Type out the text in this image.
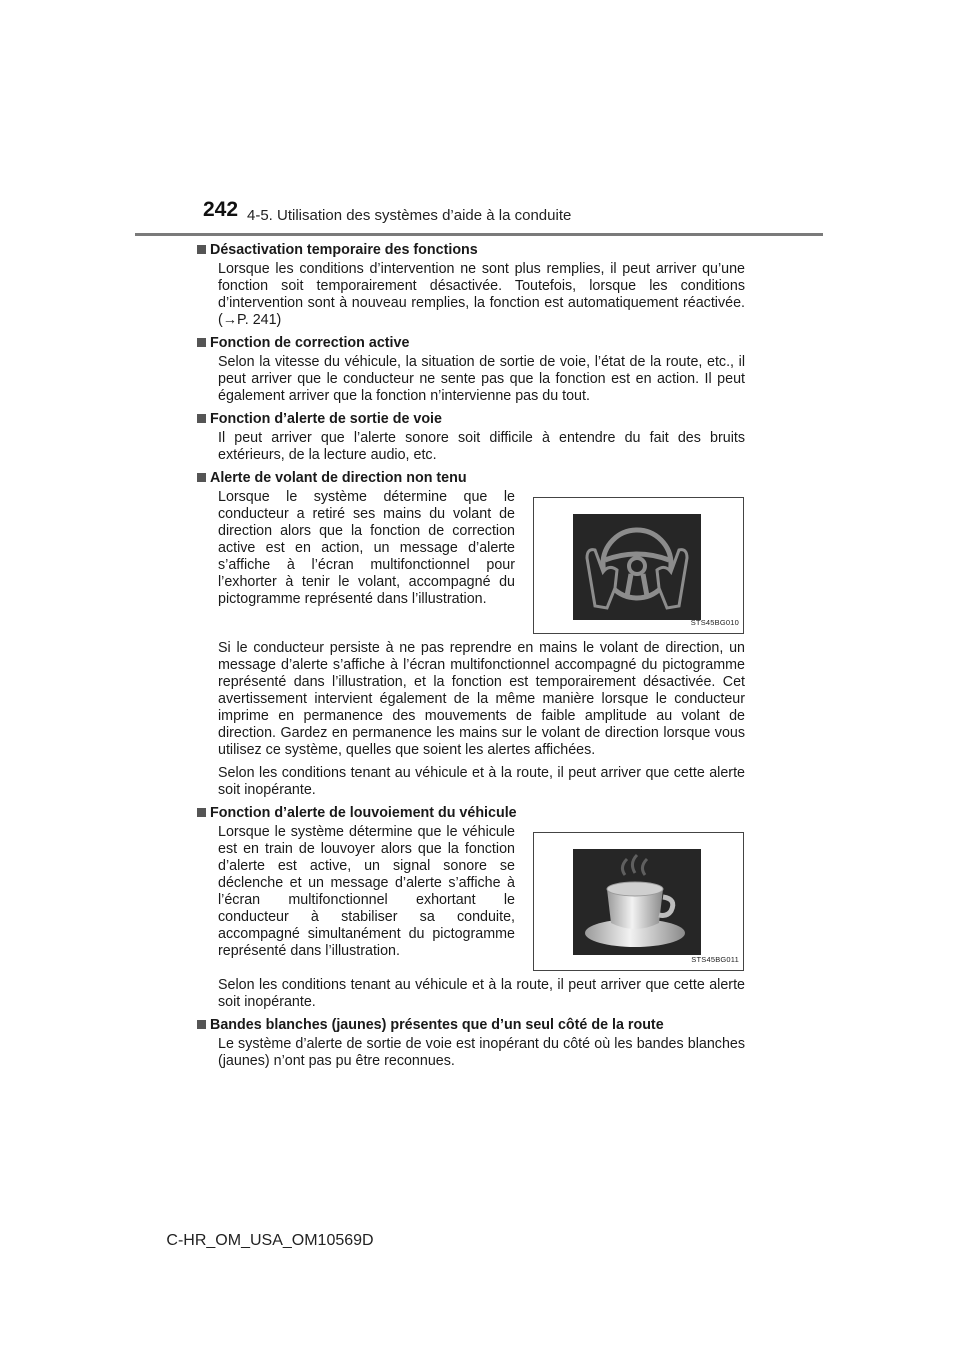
242 4-5. Utilisation des systèmes d’aide à la conduite
Désactivation temporaire des fonctions

Lorsque les conditions d’intervention ne sont plus remplies, il peut arriver qu’une fonction soit temporairement désactivée. Toutefois, lorsque les conditions d’intervention sont à nouveau remplies, la fonction est automatiquement réactivée. (→P. 241)

Fonction de correction active

Selon la vitesse du véhicule, la situation de sortie de voie, l’état de la route, etc., il peut arriver que le conducteur ne sente pas que la fonction est en action. Il peut également arriver que la fonction n’intervienne pas du tout.

Fonction d’alerte de sortie de voie

Il peut arriver que l’alerte sonore soit difficile à entendre du fait des bruits extérieurs, de la lecture audio, etc.

Alerte de volant de direction non tenu

Lorsque le système détermine que le conducteur a retiré ses mains du volant de direction alors que la fonction de correction active est en action, un message d’alerte s’affiche à l’écran multifonctionnel pour l’exhorter à tenir le volant, accompagné du pictogramme représenté dans l’illustration.

STS45BG010

Si le conducteur persiste à ne pas reprendre en mains le volant de direction, un message d’alerte s’affiche à l’écran multifonctionnel accompagné du pictogramme représenté dans l’illustration, et la fonction est temporairement désactivée. Cet avertissement intervient également de la même manière lorsque le conducteur imprime en permanence des mouvements de faible amplitude au volant de direction. Gardez en permanence les mains sur le volant de direction lorsque vous utilisez ce système, quelles que soient les alertes affichées.

Selon les conditions tenant au véhicule et à la route, il peut arriver que cette alerte soit inopérante.

Fonction d’alerte de louvoiement du véhicule

Lorsque le système détermine que le véhicule est en train de louvoyer alors que la fonction d’alerte est active, un signal sonore se déclenche et un message d’alerte s’affiche à l’écran multifonctionnel exhortant le conducteur à stabiliser sa conduite, accompagné simultanément du pictogramme représenté dans l’illustration.

STS45BG011

Selon les conditions tenant au véhicule et à la route, il peut arriver que cette alerte soit inopérante.

Bandes blanches (jaunes) présentes que d’un seul côté de la route

Le système d’alerte de sortie de voie est inopérant du côté où les bandes blanches (jaunes) n’ont pas pu être reconnues.

C-HR_OM_USA_OM10569D
